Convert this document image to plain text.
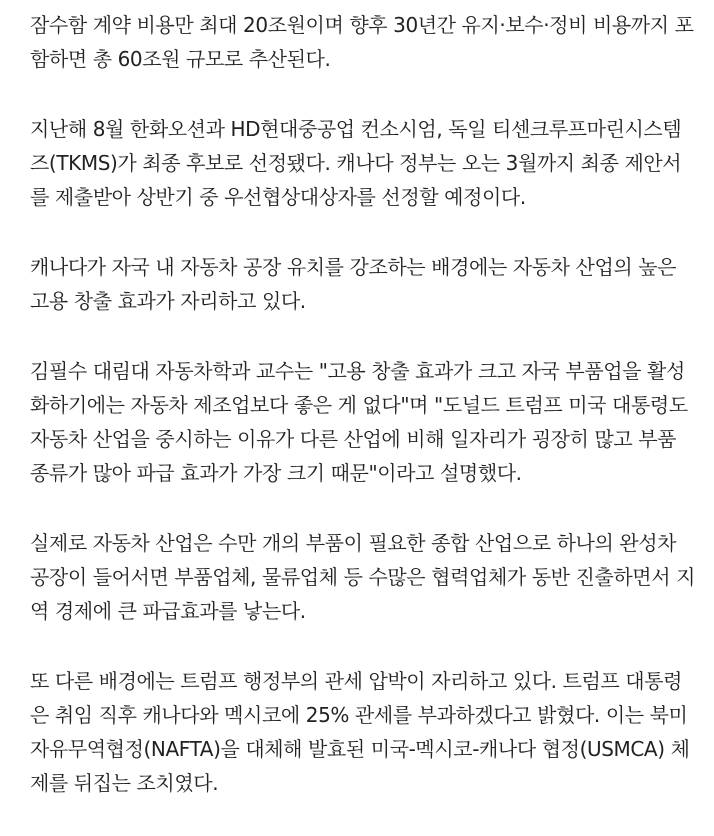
잠수함 계약 비용만 최대 20조원이며 향후 30년간 유지·보수·정비 비용까지 포
함하면 총 60조원 규모로 추산된다.
지난해 8월 한화오션과 HD현대중공업 컨소시엄, 독일 티센크루프마린시스템
즈(TKMS)가 최종 후보로 선정됐다. 캐나다 정부는 오는 3월까지 최종 제안서
를 제출받아 상반기 중 우선협상대상자를 선정할 예정이다.
캐나다가 자국 내 자동차 공장 유치를 강조하는 배경에는 자동차 산업의 높은
고용 창출 효과가 자리하고 있다.
김필수 대림대 자동차학과 교수는 "고용 창출 효과가 크고 자국 부품업을 활성
화하기에는 자동차 제조업보다 좋은 게 없다"며 "도널드 트럼프 미국 대통령도
자동차 산업을 중시하는 이유가 다른 산업에 비해 일자리가 굉장히 많고 부품
종류가 많아 파급 효과가 가장 크기 때문"이라고 설명했다.
실제로 자동차 산업은 수만 개의 부품이 필요한 종합 산업으로 하나의 완성차
공장이 들어서면 부품업체, 물류업체 등 수많은 협력업체가 동반 진출하면서 지
역 경제에 큰 파급효과를 낳는다.
또 다른 배경에는 트럼프 행정부의 관세 압박이 자리하고 있다. 트럼프 대통령
은 취임 직후 캐나다와 멕시코에 25% 관세를 부과하겠다고 밝혔다. 이는 북미
자유무역협정(NAFTA)을 대체해 발효된 미국-멕시코-캐나다 협정(USMCA) 체
제를 뒤집는 조치였다.
